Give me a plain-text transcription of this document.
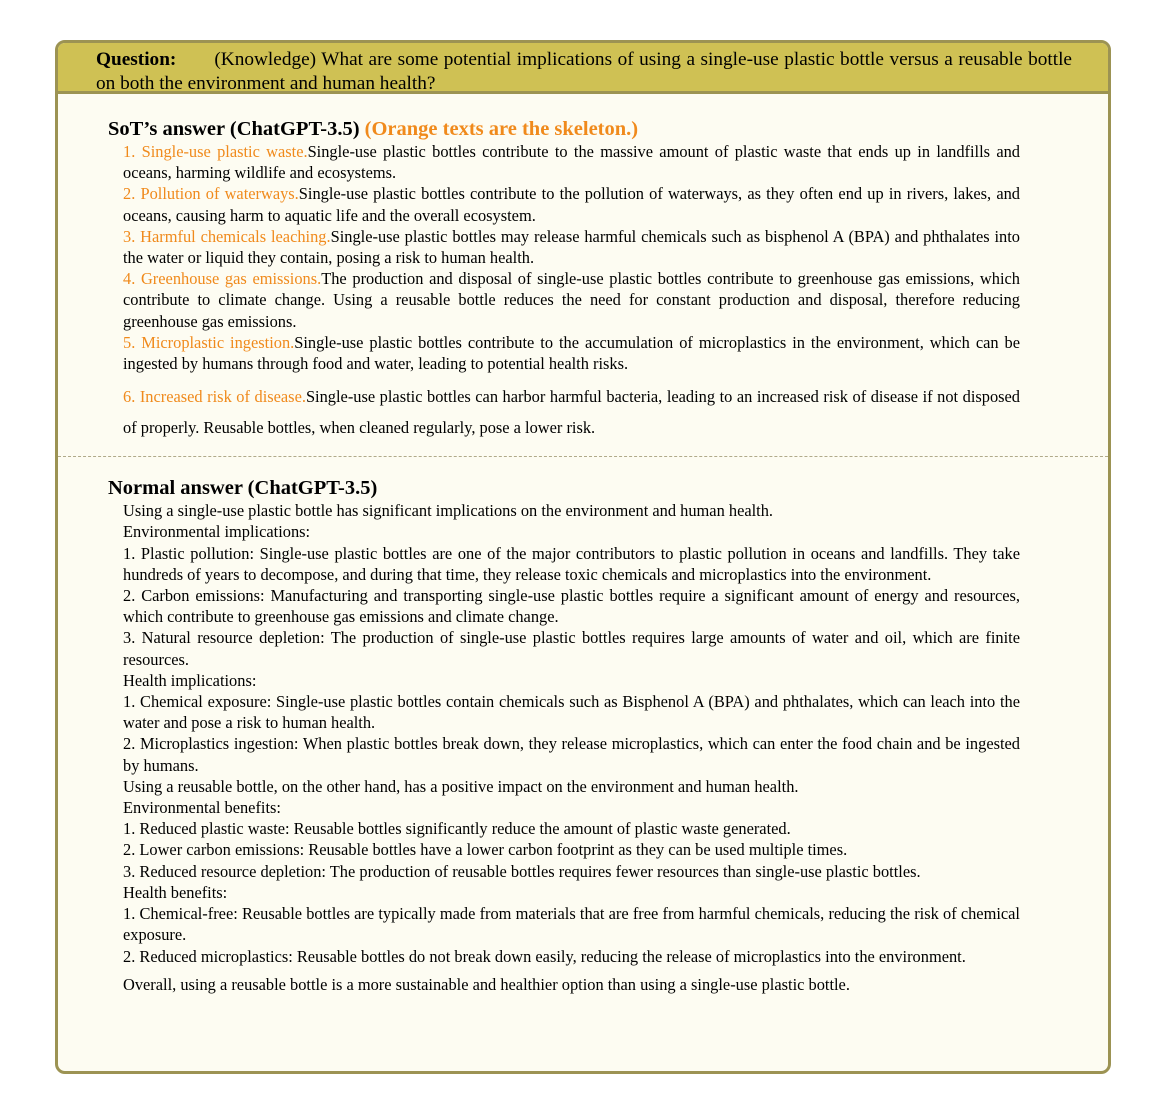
Question: (Knowledge) What are some potential implications of using a single-use plastic bottle versus a reusable bottle on both the environment and human health?
SoT’s answer (ChatGPT-3.5) (Orange texts are the skeleton.)

1. Single-use plastic waste.Single-use plastic bottles contribute to the massive amount of plastic waste that ends up in landfills and oceans, harming wildlife and ecosystems.

2. Pollution of waterways.Single-use plastic bottles contribute to the pollution of waterways, as they often end up in rivers, lakes, and oceans, causing harm to aquatic life and the overall ecosystem.

3. Harmful chemicals leaching.Single-use plastic bottles may release harmful chemicals such as bisphenol A (BPA) and phthalates into the water or liquid they contain, posing a risk to human health.

4. Greenhouse gas emissions.The production and disposal of single-use plastic bottles contribute to greenhouse gas emissions, which contribute to climate change. Using a reusable bottle reduces the need for constant production and disposal, therefore reducing greenhouse gas emissions.

5. Microplastic ingestion.Single-use plastic bottles contribute to the accumulation of microplastics in the environment, which can be ingested by humans through food and water, leading to potential health risks.

6. Increased risk of disease.Single-use plastic bottles can harbor harmful bacteria, leading to an increased risk of disease if not disposed of properly. Reusable bottles, when cleaned regularly, pose a lower risk.

Normal answer (ChatGPT-3.5)

Using a single-use plastic bottle has significant implications on the environment and human health.

Environmental implications:

1. Plastic pollution: Single-use plastic bottles are one of the major contributors to plastic pollution in oceans and landfills. They take hundreds of years to decompose, and during that time, they release toxic chemicals and microplastics into the environment.

2. Carbon emissions: Manufacturing and transporting single-use plastic bottles require a significant amount of energy and resources, which contribute to greenhouse gas emissions and climate change.

3. Natural resource depletion: The production of single-use plastic bottles requires large amounts of water and oil, which are finite resources.

Health implications:

1. Chemical exposure: Single-use plastic bottles contain chemicals such as Bisphenol A (BPA) and phthalates, which can leach into the water and pose a risk to human health.

2. Microplastics ingestion: When plastic bottles break down, they release microplastics, which can enter the food chain and be ingested by humans.

Using a reusable bottle, on the other hand, has a positive impact on the environment and human health.

Environmental benefits:

1. Reduced plastic waste: Reusable bottles significantly reduce the amount of plastic waste generated.

2. Lower carbon emissions: Reusable bottles have a lower carbon footprint as they can be used multiple times.

3. Reduced resource depletion: The production of reusable bottles requires fewer resources than single-use plastic bottles.

Health benefits:

1. Chemical-free: Reusable bottles are typically made from materials that are free from harmful chemicals, reducing the risk of chemical exposure.

2. Reduced microplastics: Reusable bottles do not break down easily, reducing the release of microplastics into the environment.

Overall, using a reusable bottle is a more sustainable and healthier option than using a single-use plastic bottle.
